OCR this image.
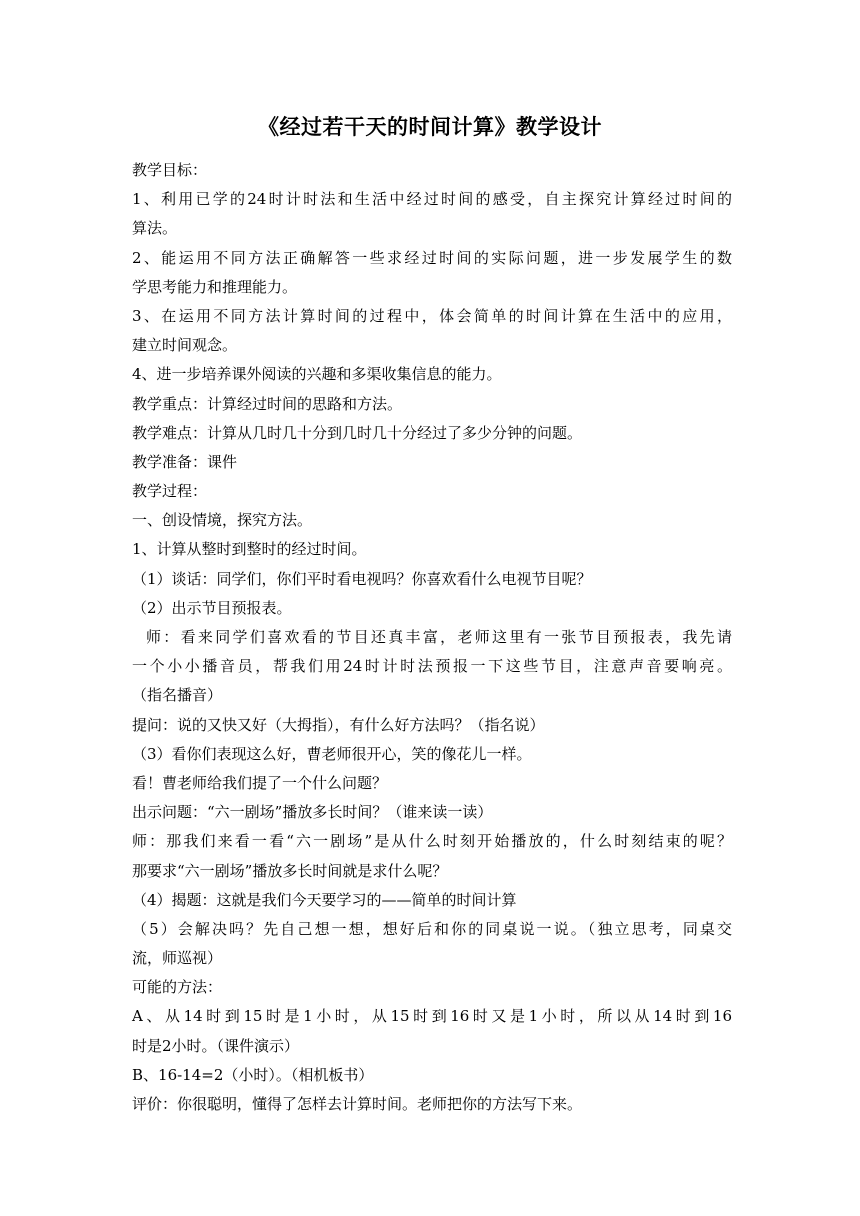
《经过若干天的时间计算》教学设计
教学目标：
1、利用已学的24时计时法和生活中经过时间的感受，自主探究计算经过时间的
算法。
2、能运用不同方法正确解答一些求经过时间的实际问题，进一步发展学生的数
学思考能力和推理能力。
3、在运用不同方法计算时间的过程中，体会简单的时间计算在生活中的应用，
建立时间观念。
4、进一步培养课外阅读的兴趣和多渠收集信息的能力。
教学重点：计算经过时间的思路和方法。
教学难点：计算从几时几十分到几时几十分经过了多少分钟的问题。
教学准备：课件
教学过程：
一、创设情境，探究方法。
1、计算从整时到整时的经过时间。
（1）谈话：同学们，你们平时看电视吗？你喜欢看什么电视节目呢？
（2）出示节目预报表。
师：看来同学们喜欢看的节目还真丰富，老师这里有一张节目预报表，我先请
一个小小播音员，帮我们用24时计时法预报一下这些节目，注意声音要响亮。
（指名播音）
提问：说的又快又好（大拇指），有什么好方法吗？（指名说）
（3）看你们表现这么好，曹老师很开心，笑的像花儿一样。
看！曹老师给我们提了一个什么问题？
出示问题：“六一剧场”播放多长时间？（谁来读一读）
师：那我们来看一看“六一剧场”是从什么时刻开始播放的，什么时刻结束的呢？
那要求“六一剧场”播放多长时间就是求什么呢？
（4）揭题：这就是我们今天要学习的——简单的时间计算
（5）会解决吗？先自己想一想，想好后和你的同桌说一说。（独立思考，同桌交
流，师巡视）
可能的方法：
A、从14时到15时是1小时，从15时到16时又是1小时，所以从14时到16
时是2小时。（课件演示）
B、16-14=2（小时）。（相机板书）
评价：你很聪明，懂得了怎样去计算时间。老师把你的方法写下来。
